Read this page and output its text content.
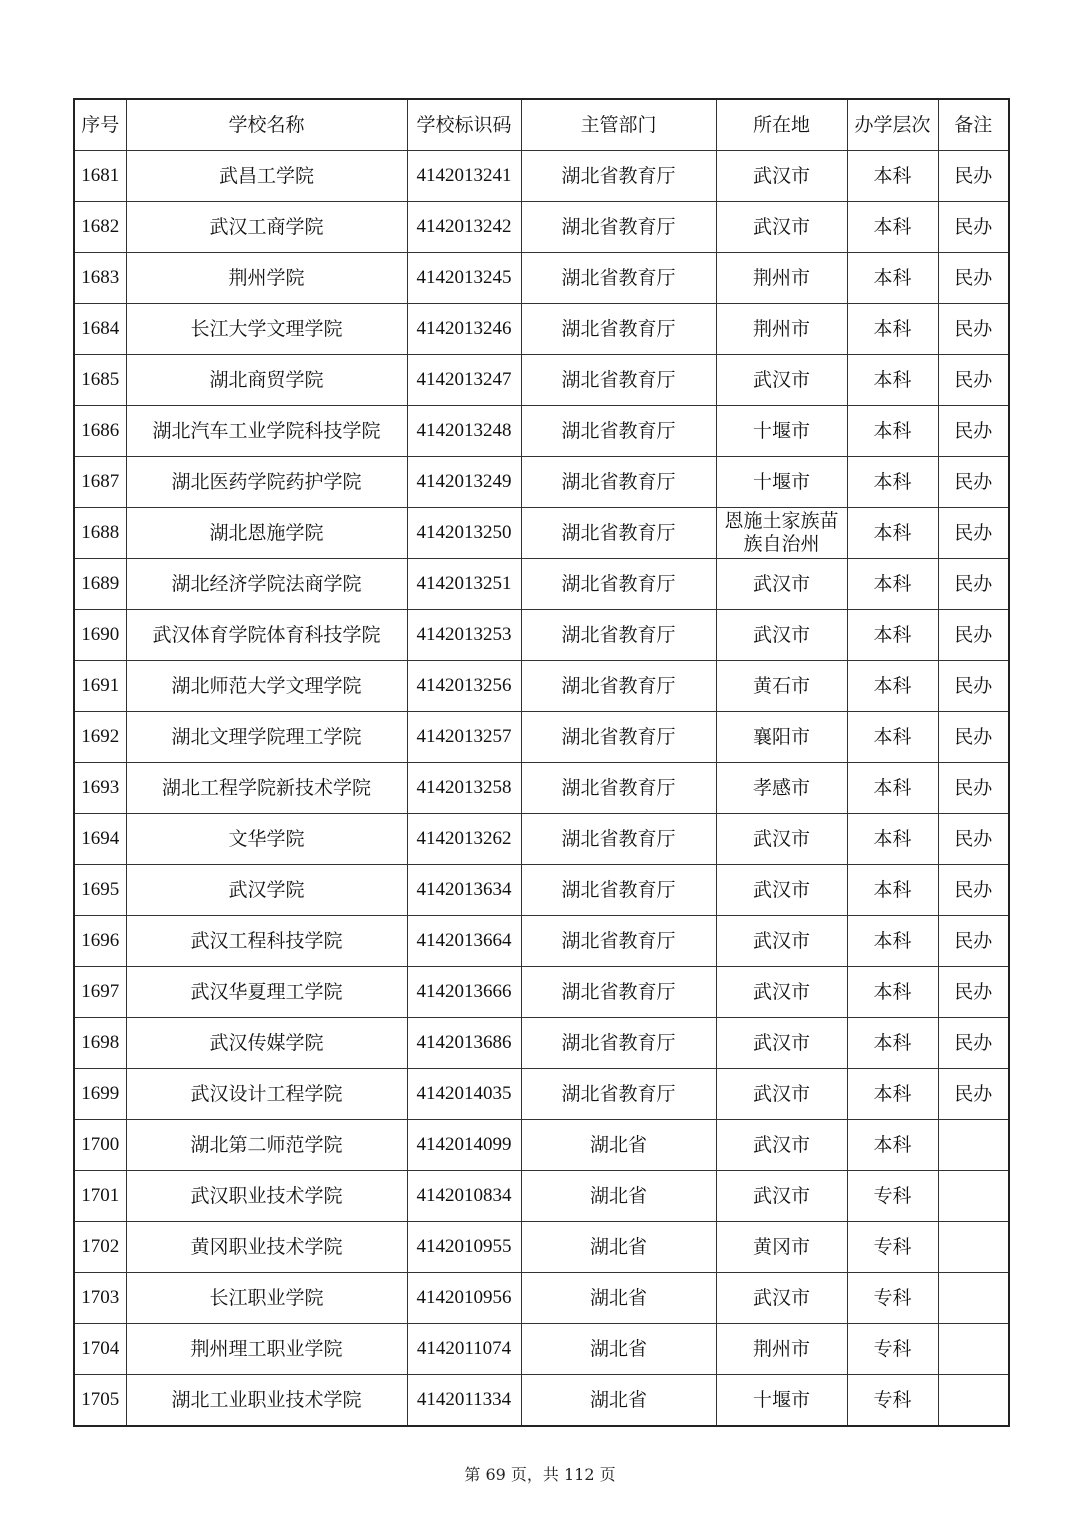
序号	学校名称	学校标识码	主管部门	所在地	办学层次	备注
1681	武昌工学院	4142013241	湖北省教育厅	武汉市	本科	民办
1682	武汉工商学院	4142013242	湖北省教育厅	武汉市	本科	民办
1683	荆州学院	4142013245	湖北省教育厅	荆州市	本科	民办
1684	长江大学文理学院	4142013246	湖北省教育厅	荆州市	本科	民办
1685	湖北商贸学院	4142013247	湖北省教育厅	武汉市	本科	民办
1686	湖北汽车工业学院科技学院	4142013248	湖北省教育厅	十堰市	本科	民办
1687	湖北医药学院药护学院	4142013249	湖北省教育厅	十堰市	本科	民办
1688	湖北恩施学院	4142013250	湖北省教育厅	恩施土家族苗族自治州	本科	民办
1689	湖北经济学院法商学院	4142013251	湖北省教育厅	武汉市	本科	民办
1690	武汉体育学院体育科技学院	4142013253	湖北省教育厅	武汉市	本科	民办
1691	湖北师范大学文理学院	4142013256	湖北省教育厅	黄石市	本科	民办
1692	湖北文理学院理工学院	4142013257	湖北省教育厅	襄阳市	本科	民办
1693	湖北工程学院新技术学院	4142013258	湖北省教育厅	孝感市	本科	民办
1694	文华学院	4142013262	湖北省教育厅	武汉市	本科	民办
1695	武汉学院	4142013634	湖北省教育厅	武汉市	本科	民办
1696	武汉工程科技学院	4142013664	湖北省教育厅	武汉市	本科	民办
1697	武汉华夏理工学院	4142013666	湖北省教育厅	武汉市	本科	民办
1698	武汉传媒学院	4142013686	湖北省教育厅	武汉市	本科	民办
1699	武汉设计工程学院	4142014035	湖北省教育厅	武汉市	本科	民办
1700	湖北第二师范学院	4142014099	湖北省	武汉市	本科	
1701	武汉职业技术学院	4142010834	湖北省	武汉市	专科	
1702	黄冈职业技术学院	4142010955	湖北省	黄冈市	专科	
1703	长江职业学院	4142010956	湖北省	武汉市	专科	
1704	荆州理工职业学院	4142011074	湖北省	荆州市	专科	
1705	湖北工业职业技术学院	4142011334	湖北省	十堰市	专科	
第 69 页，共 112 页
